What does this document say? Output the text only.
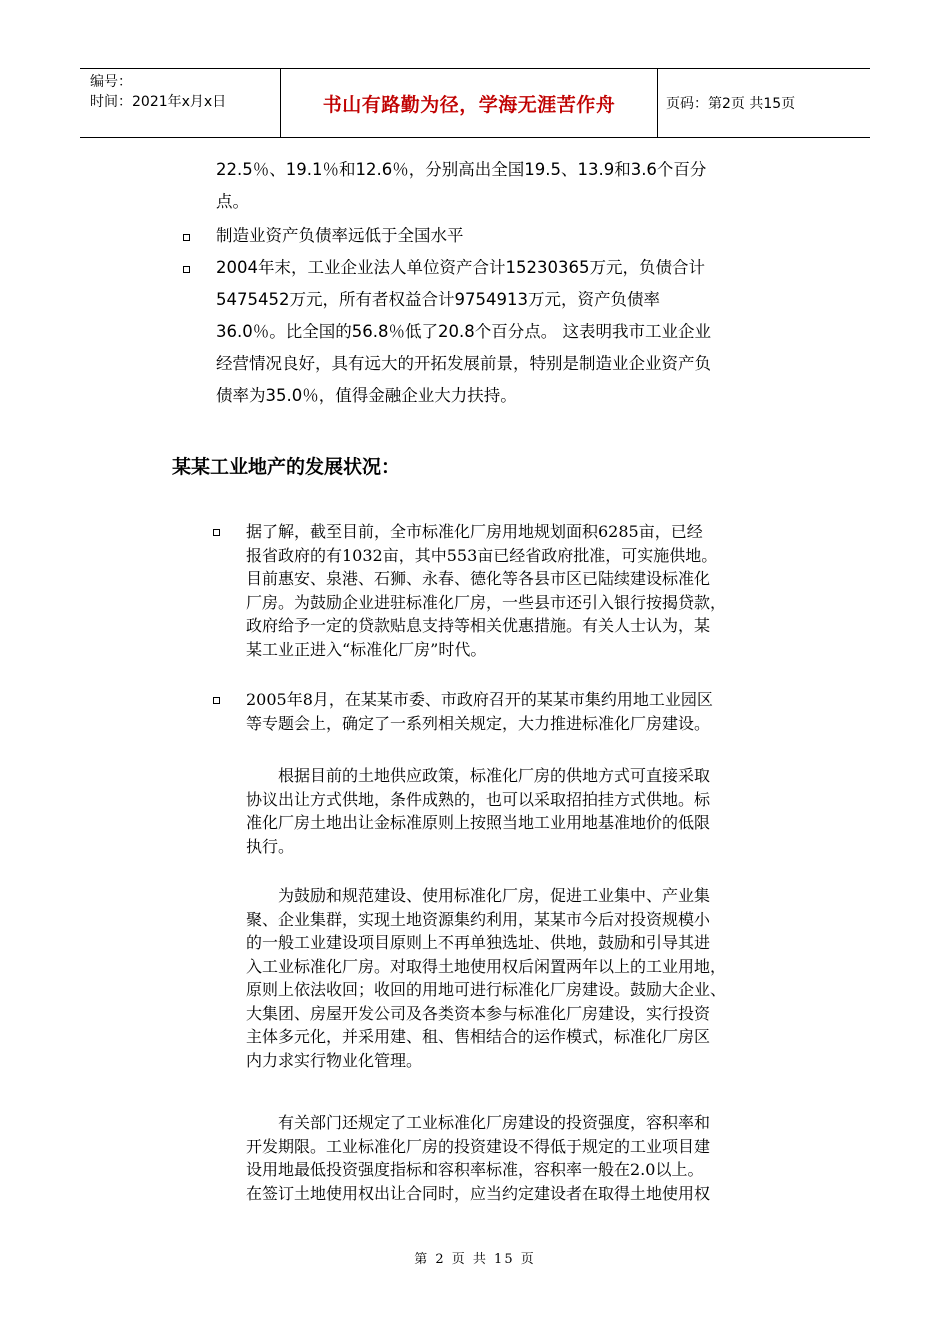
编号：
时间：2021年x月x日	书山有路勤为径，学海无涯苦作舟	页码：第2页 共15页
22.5％、19.1％和12.6％，分别高出全国19.5、13.9和3.6个百分
点。
制造业资产负债率远低于全国水平
2004年末，工业企业法人单位资产合计15230365万元，负债合计
5475452万元，所有者权益合计9754913万元，资产负债率
36.0％。比全国的56.8％低了20.8个百分点。 这表明我市工业企业
经营情况良好，具有远大的开拓发展前景，特别是制造业企业资产负
债率为35.0％，值得金融企业大力扶持。
某某工业地产的发展状况：
据了解，截至目前，全市标准化厂房用地规划面积6285亩，已经
报省政府的有1032亩，其中553亩已经省政府批准，可实施供地。
目前惠安、泉港、石狮、永春、德化等各县市区已陆续建设标准化
厂房。为鼓励企业进驻标准化厂房，一些县市还引入银行按揭贷款，
政府给予一定的贷款贴息支持等相关优惠措施。有关人士认为，某
某工业正进入“标准化厂房”时代。
2005年8月，在某某市委、市政府召开的某某市集约用地工业园区
等专题会上，确定了一系列相关规定，大力推进标准化厂房建设。
根据目前的土地供应政策，标准化厂房的供地方式可直接采取
协议出让方式供地，条件成熟的，也可以采取招拍挂方式供地。标
准化厂房土地出让金标准原则上按照当地工业用地基准地价的低限
执行。
为鼓励和规范建设、使用标准化厂房，促进工业集中、产业集
聚、企业集群，实现土地资源集约利用，某某市今后对投资规模小
的一般工业建设项目原则上不再单独选址、供地，鼓励和引导其进
入工业标准化厂房。对取得土地使用权后闲置两年以上的工业用地，
原则上依法收回；收回的用地可进行标准化厂房建设。鼓励大企业、
大集团、房屋开发公司及各类资本参与标准化厂房建设，实行投资
主体多元化，并采用建、租、售相结合的运作模式，标准化厂房区
内力求实行物业化管理。
有关部门还规定了工业标准化厂房建设的投资强度，容积率和
开发期限。工业标准化厂房的投资建设不得低于规定的工业项目建
设用地最低投资强度指标和容积率标准，容积率一般在2.0以上。
在签订土地使用权出让合同时，应当约定建设者在取得土地使用权
第 2 页 共 15 页
